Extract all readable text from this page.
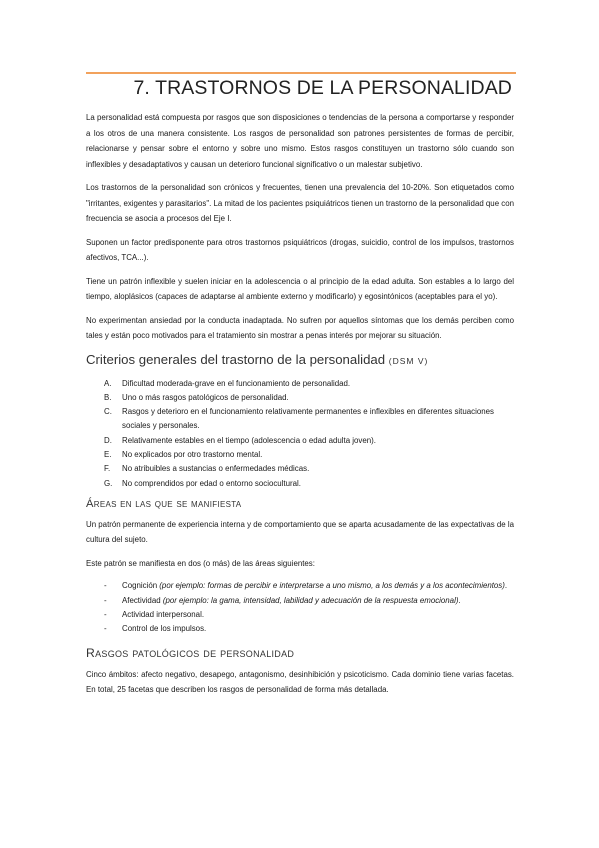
7. TRASTORNOS DE LA PERSONALIDAD

La personalidad está compuesta por rasgos que son disposiciones o tendencias de la persona a comportarse y responder a los otros de una manera consistente. Los rasgos de personalidad son patrones persistentes de formas de percibir, relacionarse y pensar sobre el entorno y sobre uno mismo. Estos rasgos constituyen un trastorno sólo cuando son inflexibles y desadaptativos y causan un deterioro funcional significativo o un malestar subjetivo.

Los trastornos de la personalidad son crónicos y frecuentes, tienen una prevalencia del 10-20%. Son etiquetados como "irritantes, exigentes y parasitarios". La mitad de los pacientes psiquiátricos tienen un trastorno de la personalidad que con frecuencia se asocia a procesos del Eje I.

Suponen un factor predisponente para otros trastornos psiquiátricos (drogas, suicidio, control de los impulsos, trastornos afectivos, TCA...).

Tiene un patrón inflexible y suelen iniciar en la adolescencia o al principio de la edad adulta. Son estables a lo largo del tiempo, aloplásicos (capaces de adaptarse al ambiente externo y modificarlo) y egosintónicos (aceptables para el yo).

No experimentan ansiedad por la conducta inadaptada. No sufren por aquellos síntomas que los demás perciben como tales y están poco motivados para el tratamiento sin mostrar a penas interés por mejorar su situación.

Criterios generales del trastorno de la personalidad (DSM V)
A. Dificultad moderada-grave en el funcionamiento de personalidad.
B. Uno o más rasgos patológicos de personalidad.
C. Rasgos y deterioro en el funcionamiento relativamente permanentes e inflexibles en diferentes situaciones sociales y personales.
D. Relativamente estables en el tiempo (adolescencia o edad adulta joven).
E. No explicados por otro trastorno mental.
F. No atribuibles a sustancias o enfermedades médicas.
G. No comprendidos por edad o entorno sociocultural.
Áreas en las que se manifiesta

Un patrón permanente de experiencia interna y de comportamiento que se aparta acusadamente de las expectativas de la cultura del sujeto.

Este patrón se manifiesta en dos (o más) de las áreas siguientes:

- Cognición (por ejemplo: formas de percibir e interpretarse a uno mismo, a los demás y a los acontecimientos).
- Afectividad (por ejemplo: la gama, intensidad, labilidad y adecuación de la respuesta emocional).
- Actividad interpersonal.
- Control de los impulsos.
Rasgos patológicos de personalidad

Cinco ámbitos: afecto negativo, desapego, antagonismo, desinhibición y psicoticismo. Cada dominio tiene varias facetas. En total, 25 facetas que describen los rasgos de personalidad de forma más detallada.
